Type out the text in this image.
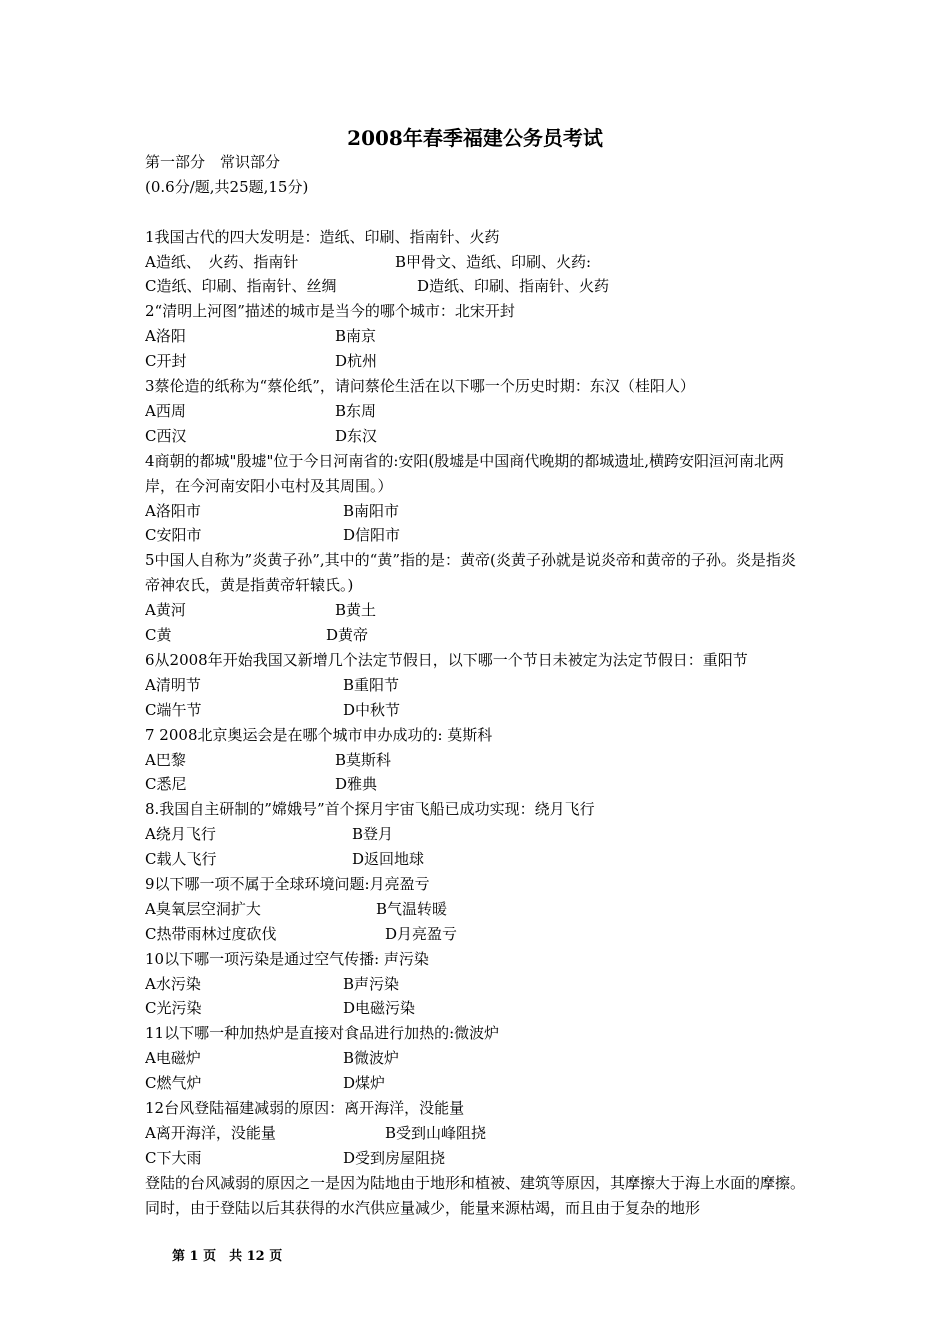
2008年春季福建公务员考试
第一部分　常识部分
(0.6分/题,共25题,15分)
1我国古代的四大发明是：造纸、印刷、指南针、火药
A造纸、　火药、指南针	B甲骨文、造纸、印刷、火药:
C造纸、印刷、指南针、丝绸	D造纸、印刷、指南针、火药
2“清明上河图”描述的城市是当今的哪个城市：北宋开封
A洛阳	B南京
C开封	D杭州
3蔡伦造的纸称为“蔡伦纸”，请问蔡伦生活在以下哪一个历史时期：东汉（桂阳人）
A西周	B东周
C西汉	D东汉
4商朝的都城"殷墟"位于今日河南省的:安阳(殷墟是中国商代晚期的都城遗址,横跨安阳洹河南北两岸，在今河南安阳小屯村及其周围。）
A洛阳市	B南阳市
C安阳市	D信阳市
5中国人自称为”炎黄子孙”,其中的“黄”指的是：黄帝(炎黄子孙就是说炎帝和黄帝的子孙。炎是指炎帝神农氏，黄是指黄帝轩辕氏。)
A黄河	B黄土
C黄	D黄帝
6从2008年开始我国又新增几个法定节假日，以下哪一个节日未被定为法定节假日：重阳节
A清明节	B重阳节
C端午节	D中秋节
7 2008北京奥运会是在哪个城市申办成功的: 莫斯科
A巴黎	B莫斯科
C悉尼	D雅典
8.我国自主研制的”嫦娥号”首个探月宇宙飞船已成功实现：绕月飞行
A绕月飞行	B登月
C载人飞行	D返回地球
9以下哪一项不属于全球环境问题:月亮盈亏
A臭氧层空洞扩大	B气温转暖
C热带雨林过度砍伐	D月亮盈亏
10以下哪一项污染是通过空气传播: 声污染
A水污染	B声污染
C光污染	D电磁污染
11以下哪一种加热炉是直接对食品进行加热的:微波炉
A电磁炉	B微波炉
C燃气炉	D煤炉
12台风登陆福建减弱的原因：离开海洋，没能量
A离开海洋，没能量	B受到山峰阻挠
C下大雨	D受到房屋阻挠
登陆的台风减弱的原因之一是因为陆地由于地形和植被、建筑等原因，其摩擦大于海上水面的摩擦。同时，由于登陆以后其获得的水汽供应量减少，能量来源枯竭，而且由于复杂的地形
第 1 页　共 12 页
